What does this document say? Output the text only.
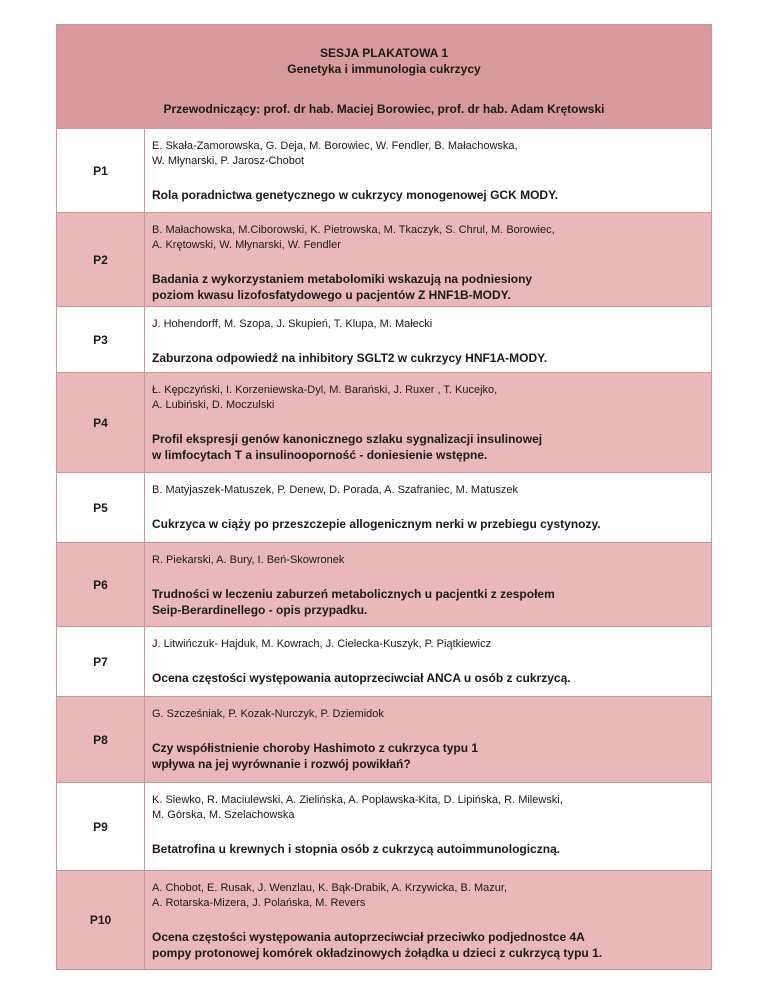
SESJA PLAKATOWA 1
Genetyka i immunologia cukrzycy
Przewodniczący: prof. dr hab. Maciej Borowiec, prof. dr hab. Adam Krętowski
P1
E. Skała-Zamorowska, G. Deja, M. Borowiec, W. Fendler, B. Małachowska,
W. Młynarski, P. Jarosz-Chobot
Rola poradnictwa genetycznego w cukrzycy monogenowej GCK MODY.
P2
B. Małachowska, M.Ciborowski, K. Pietrowska, M. Tkaczyk, S. Chrul, M. Borowiec,
A. Krętowski, W. Młynarski, W. Fendler
Badania z wykorzystaniem metabolomiki wskazują na podniesiony
poziom kwasu lizofosfatydowego u pacjentów Z HNF1B-MODY.
P3
J. Hohendorff, M. Szopa, J. Skupień, T. Klupa, M. Małecki
Zaburzona odpowiedź na inhibitory SGLT2 w cukrzycy HNF1A-MODY.
P4
Ł. Kępczyński, I. Korzeniewska-Dyl, M. Barański, J. Ruxer , T. Kucejko,
A. Lubiński, D. Moczulski
Profil ekspresji genów kanonicznego szlaku sygnalizacji insulinowej
w limfocytach T a insulinooporność - doniesienie wstępne.
P5
B. Matyjaszek-Matuszek, P. Denew, D. Porada, A. Szafraniec, M. Matuszek
Cukrzyca w ciąży po przeszczepie allogenicznym nerki w przebiegu cystynozy.
P6
R. Piekarski, A. Bury, I. Beń-Skowronek
Trudności w leczeniu zaburzeń metabolicznych u pacjentki z zespołem
Seip-Berardinellego - opis przypadku.
P7
J. Litwińczuk- Hajduk, M. Kowrach, J. Cielecka-Kuszyk, P. Piątkiewicz
Ocena częstości występowania autoprzeciwciał ANCA u osób z cukrzycą.
P8
G. Szcześniak, P. Kozak-Nurczyk, P. Dziemidok
Czy współistnienie choroby Hashimoto z cukrzyca typu 1
wpływa na jej wyrównanie i rozwój powikłań?
P9
K. Siewko, R. Maciulewski, A. Zielińska, A. Popławska-Kita, D. Lipińska, R. Milewski,
M. Górska, M. Szelachowska
Betatrofina u krewnych i stopnia osób z cukrzycą autoimmunologiczną.
P10
A. Chobot, E. Rusak, J. Wenzlau, K. Bąk-Drabik, A. Krzywicka, B. Mazur,
A. Rotarska-Mizera, J. Polańska, M. Revers
Ocena częstości występowania autoprzeciwciał przeciwko podjednostce 4A
pompy protonowej komórek okładzinowych żołądka u dzieci z cukrzycą typu 1.
